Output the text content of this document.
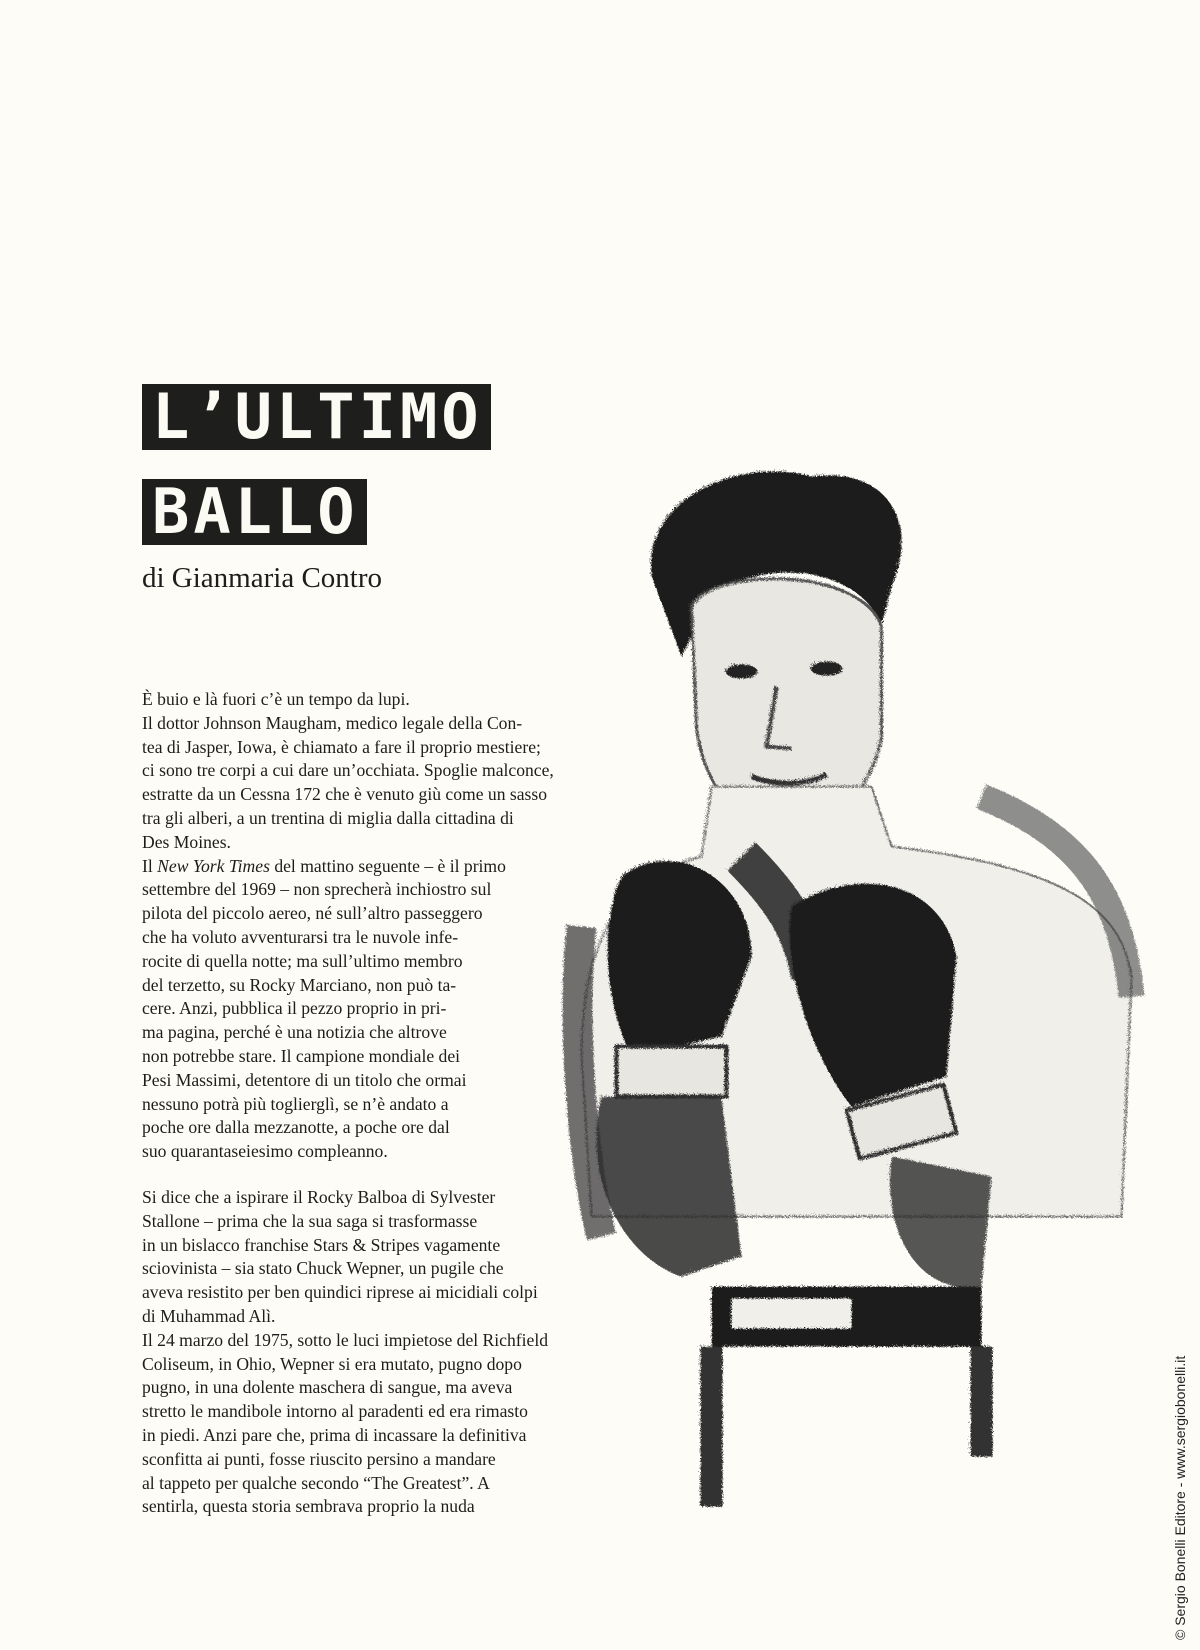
L’ULTIMO
BALLO
di Gianmaria Contro
È buio e là fuori c’è un tempo da lupi.
Il dottor Johnson Maugham, medico legale della Con-
tea di Jasper, Iowa, è chiamato a fare il proprio mestiere;
ci sono tre corpi a cui dare un’occhiata. Spoglie malconce,
estratte da un Cessna 172 che è venuto giù come un sasso
tra gli alberi, a un trentina di miglia dalla cittadina di
Des Moines.
Il New York Times del mattino seguente – è il primo
settembre del 1969 – non sprecherà inchiostro sul
pilota del piccolo aereo, né sull’altro passeggero
che ha voluto avventurarsi tra le nuvole infe-
rocite di quella notte; ma sull’ultimo membro
del terzetto, su Rocky Marciano, non può ta-
cere. Anzi, pubblica il pezzo proprio in pri-
ma pagina, perché è una notizia che altrove
non potrebbe stare. Il campione mondiale dei
Pesi Massimi, detentore di un titolo che ormai
nessuno potrà più toglierglì, se n’è andato a
poche ore dalla mezzanotte, a poche ore dal
suo quarantaseiesimo compleanno.
Si dice che a ispirare il Rocky Balboa di Sylvester
Stallone – prima che la sua saga si trasformasse
in un bislacco franchise Stars & Stripes vagamente
sciovinista – sia stato Chuck Wepner, un pugile che
aveva resistito per ben quindici riprese ai micidiali colpi
di Muhammad Alì.
Il 24 marzo del 1975, sotto le luci impietose del Richfield
Coliseum, in Ohio, Wepner si era mutato, pugno dopo
pugno, in una dolente maschera di sangue, ma aveva
stretto le mandibole intorno al paradenti ed era rimasto
in piedi. Anzi pare che, prima di incassare la definitiva
sconfitta ai punti, fosse riuscito persino a mandare
al tappeto per qualche secondo “The Greatest”. A
sentirla, questa storia sembrava proprio la nuda	© Sergio Bonelli Editore - www.sergiobonelli.it
